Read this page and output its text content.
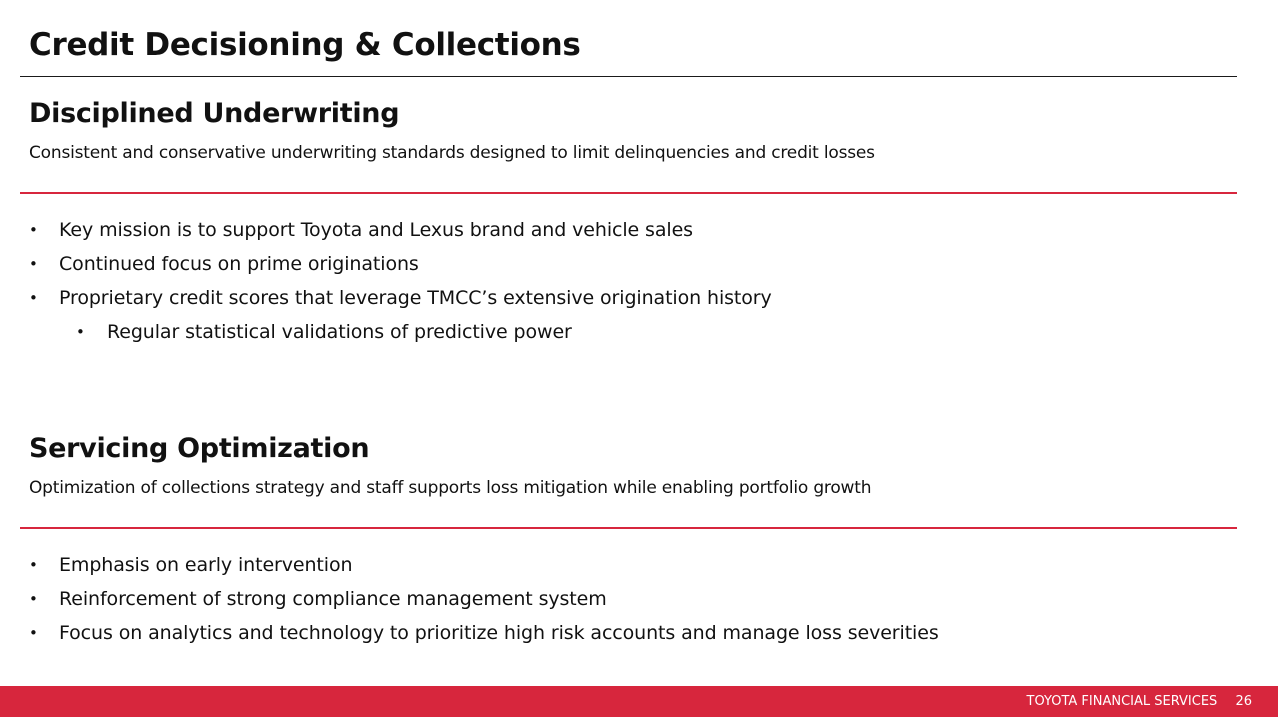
Credit Decisioning & Collections
Disciplined Underwriting

Consistent and conservative underwriting standards designed to limit delinquencies and credit losses

• Key mission is to support Toyota and Lexus brand and vehicle sales
• Continued focus on prime originations
• Proprietary credit scores that leverage TMCC’s extensive origination history
• Regular statistical validations of predictive power
Servicing Optimization

Optimization of collections strategy and staff supports loss mitigation while enabling portfolio growth

• Emphasis on early intervention
• Reinforcement of strong compliance management system
• Focus on analytics and technology to prioritize high risk accounts and manage loss severities
TOYOTA FINANCIAL SERVICES 26
